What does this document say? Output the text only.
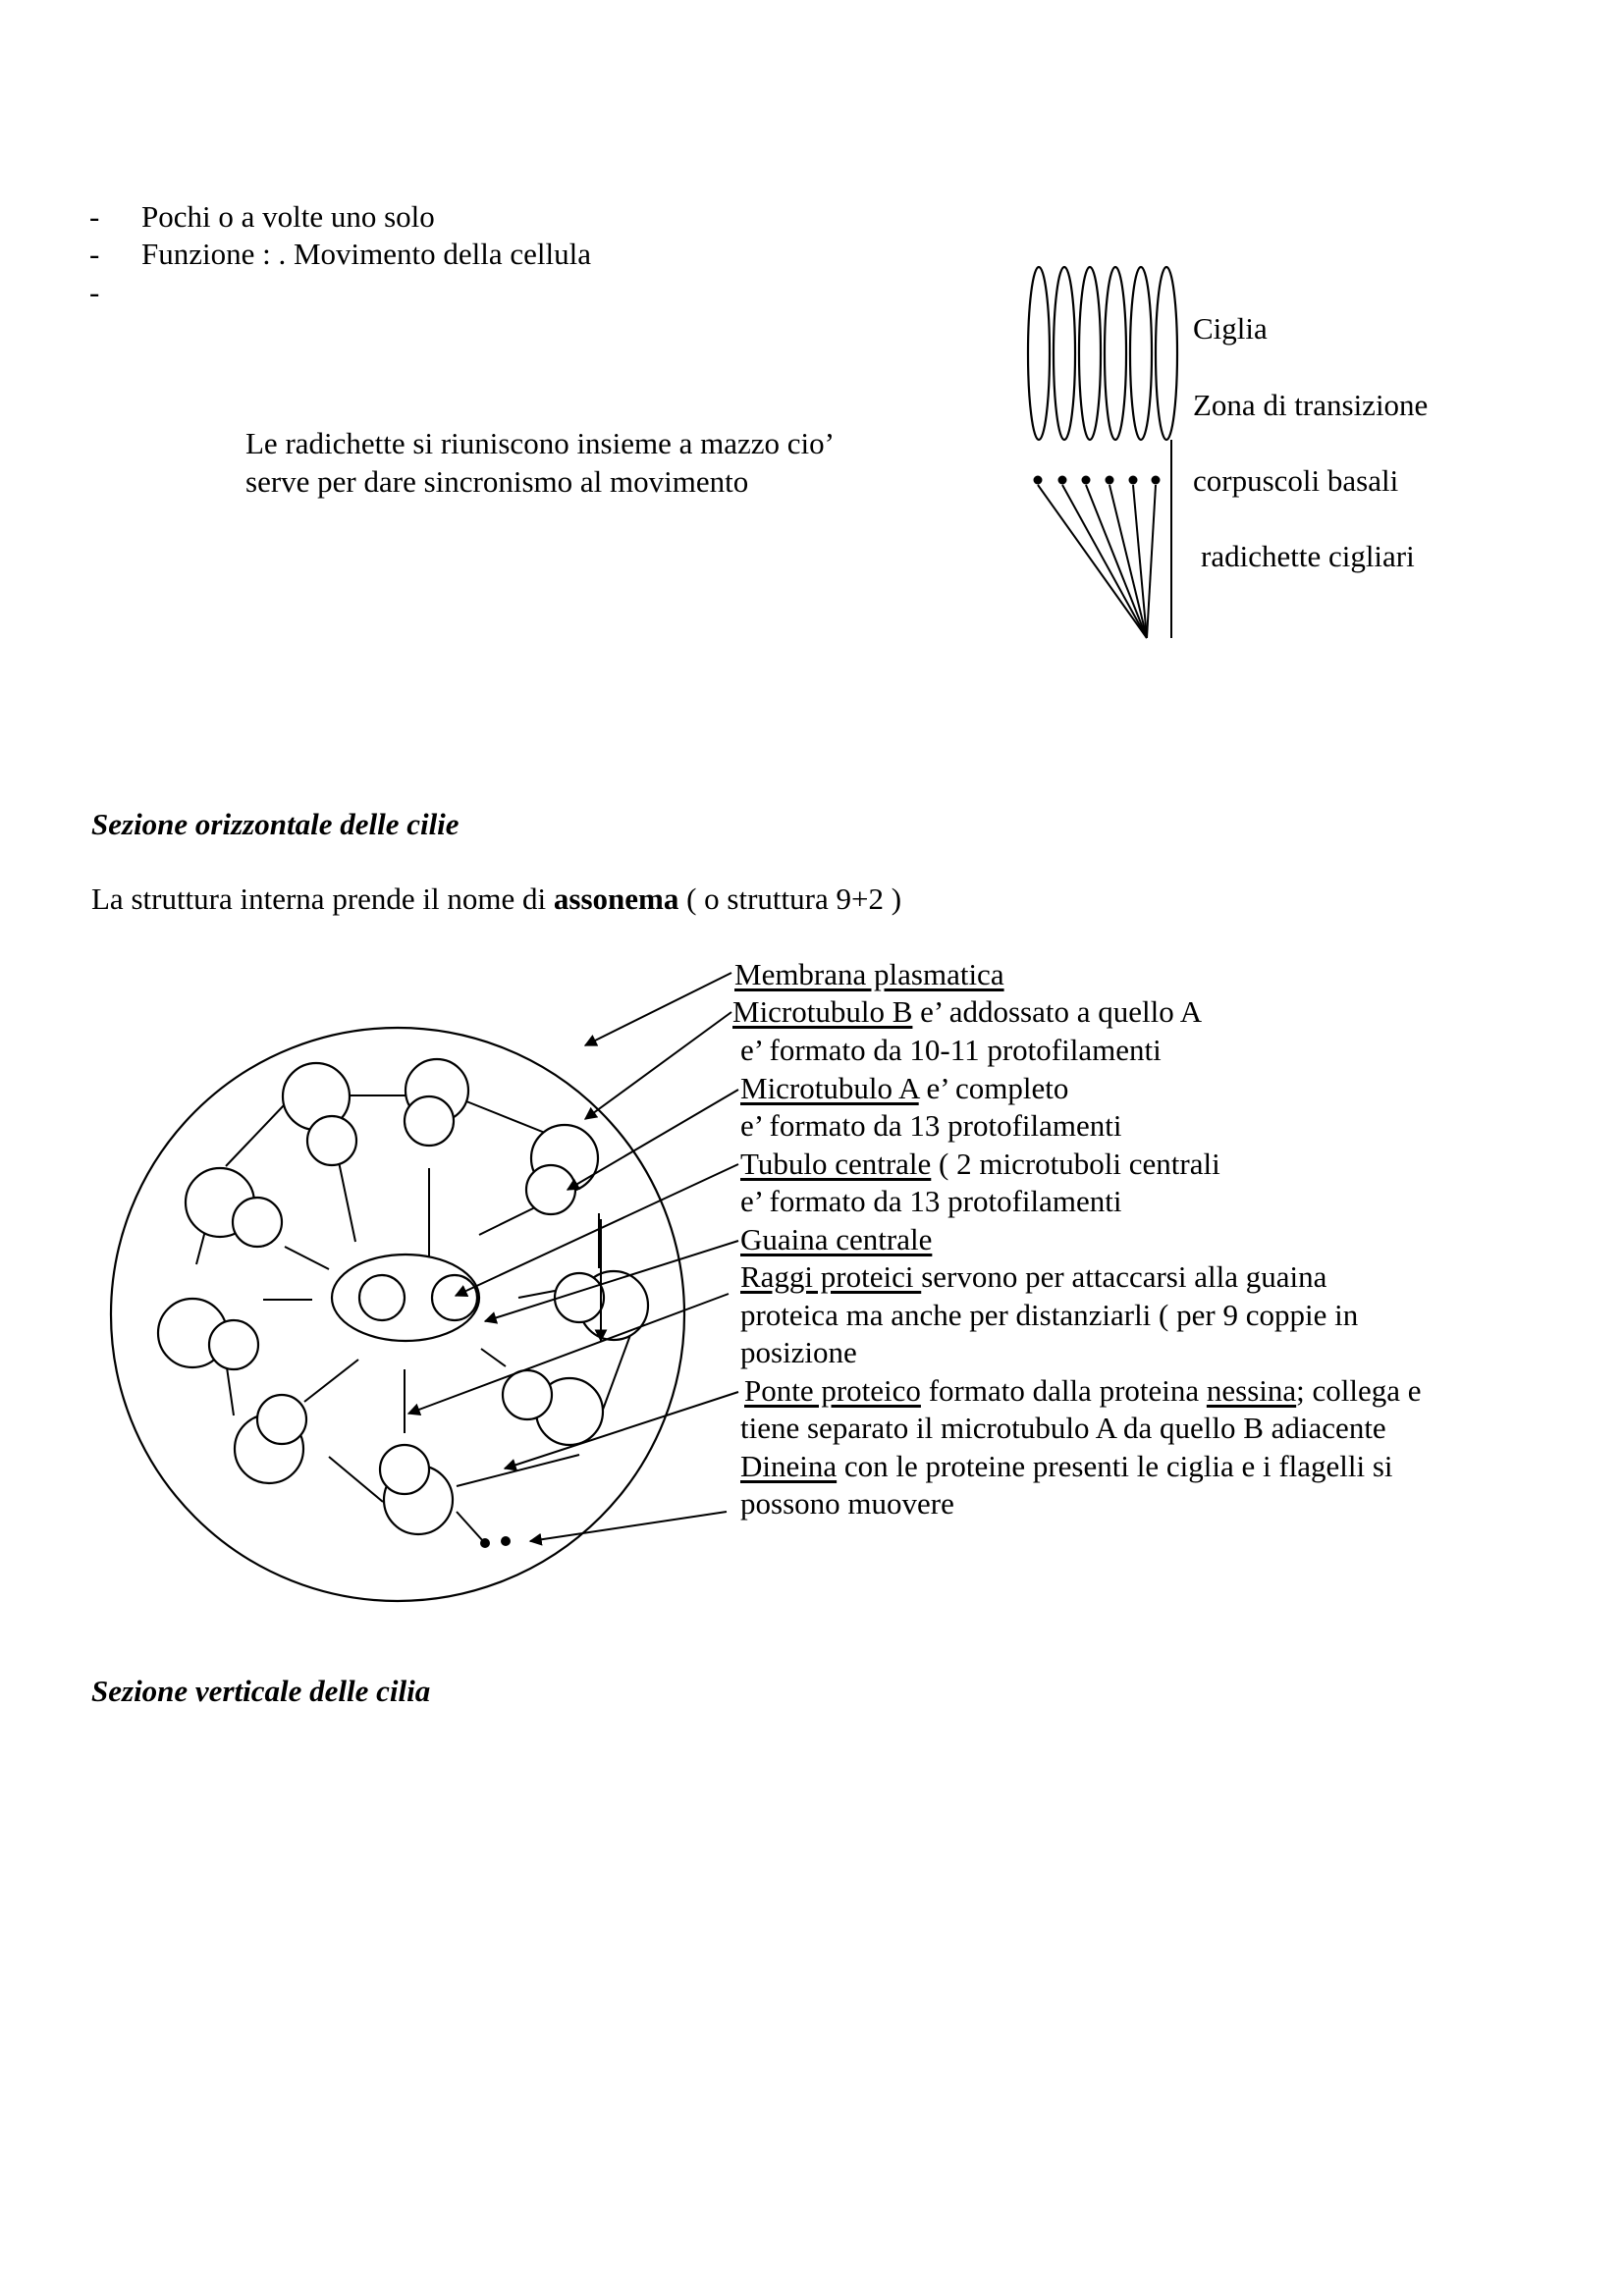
- Pochi o a volte uno solo
- Funzione : . Movimento della cellula
-
Le radichette si riuniscono insieme a mazzo cio’
serve per dare sincronismo al movimento
Ciglia
Zona di transizione
corpuscoli basali
radichette cigliari
Sezione orizzontale delle cilie
La struttura interna prende il nome di assonema ( o struttura 9+2 )
Membrana plasmatica
Microtubulo B e’ addossato a quello A
e’ formato da 10-11 protofilamenti
Microtubulo A e’ completo
e’ formato da 13 protofilamenti
Tubulo centrale ( 2 microtuboli centrali
e’ formato da 13 protofilamenti
Guaina centrale
Raggi proteici servono per attaccarsi alla guaina
proteica ma anche per distanziarli ( per 9 coppie in
posizione
Ponte proteico formato dalla proteina nessina; collega e
tiene separato il microtubulo A da quello B adiacente
Dineina con le proteine presenti le ciglia e i flagelli si
possono muovere
Sezione verticale delle cilia
